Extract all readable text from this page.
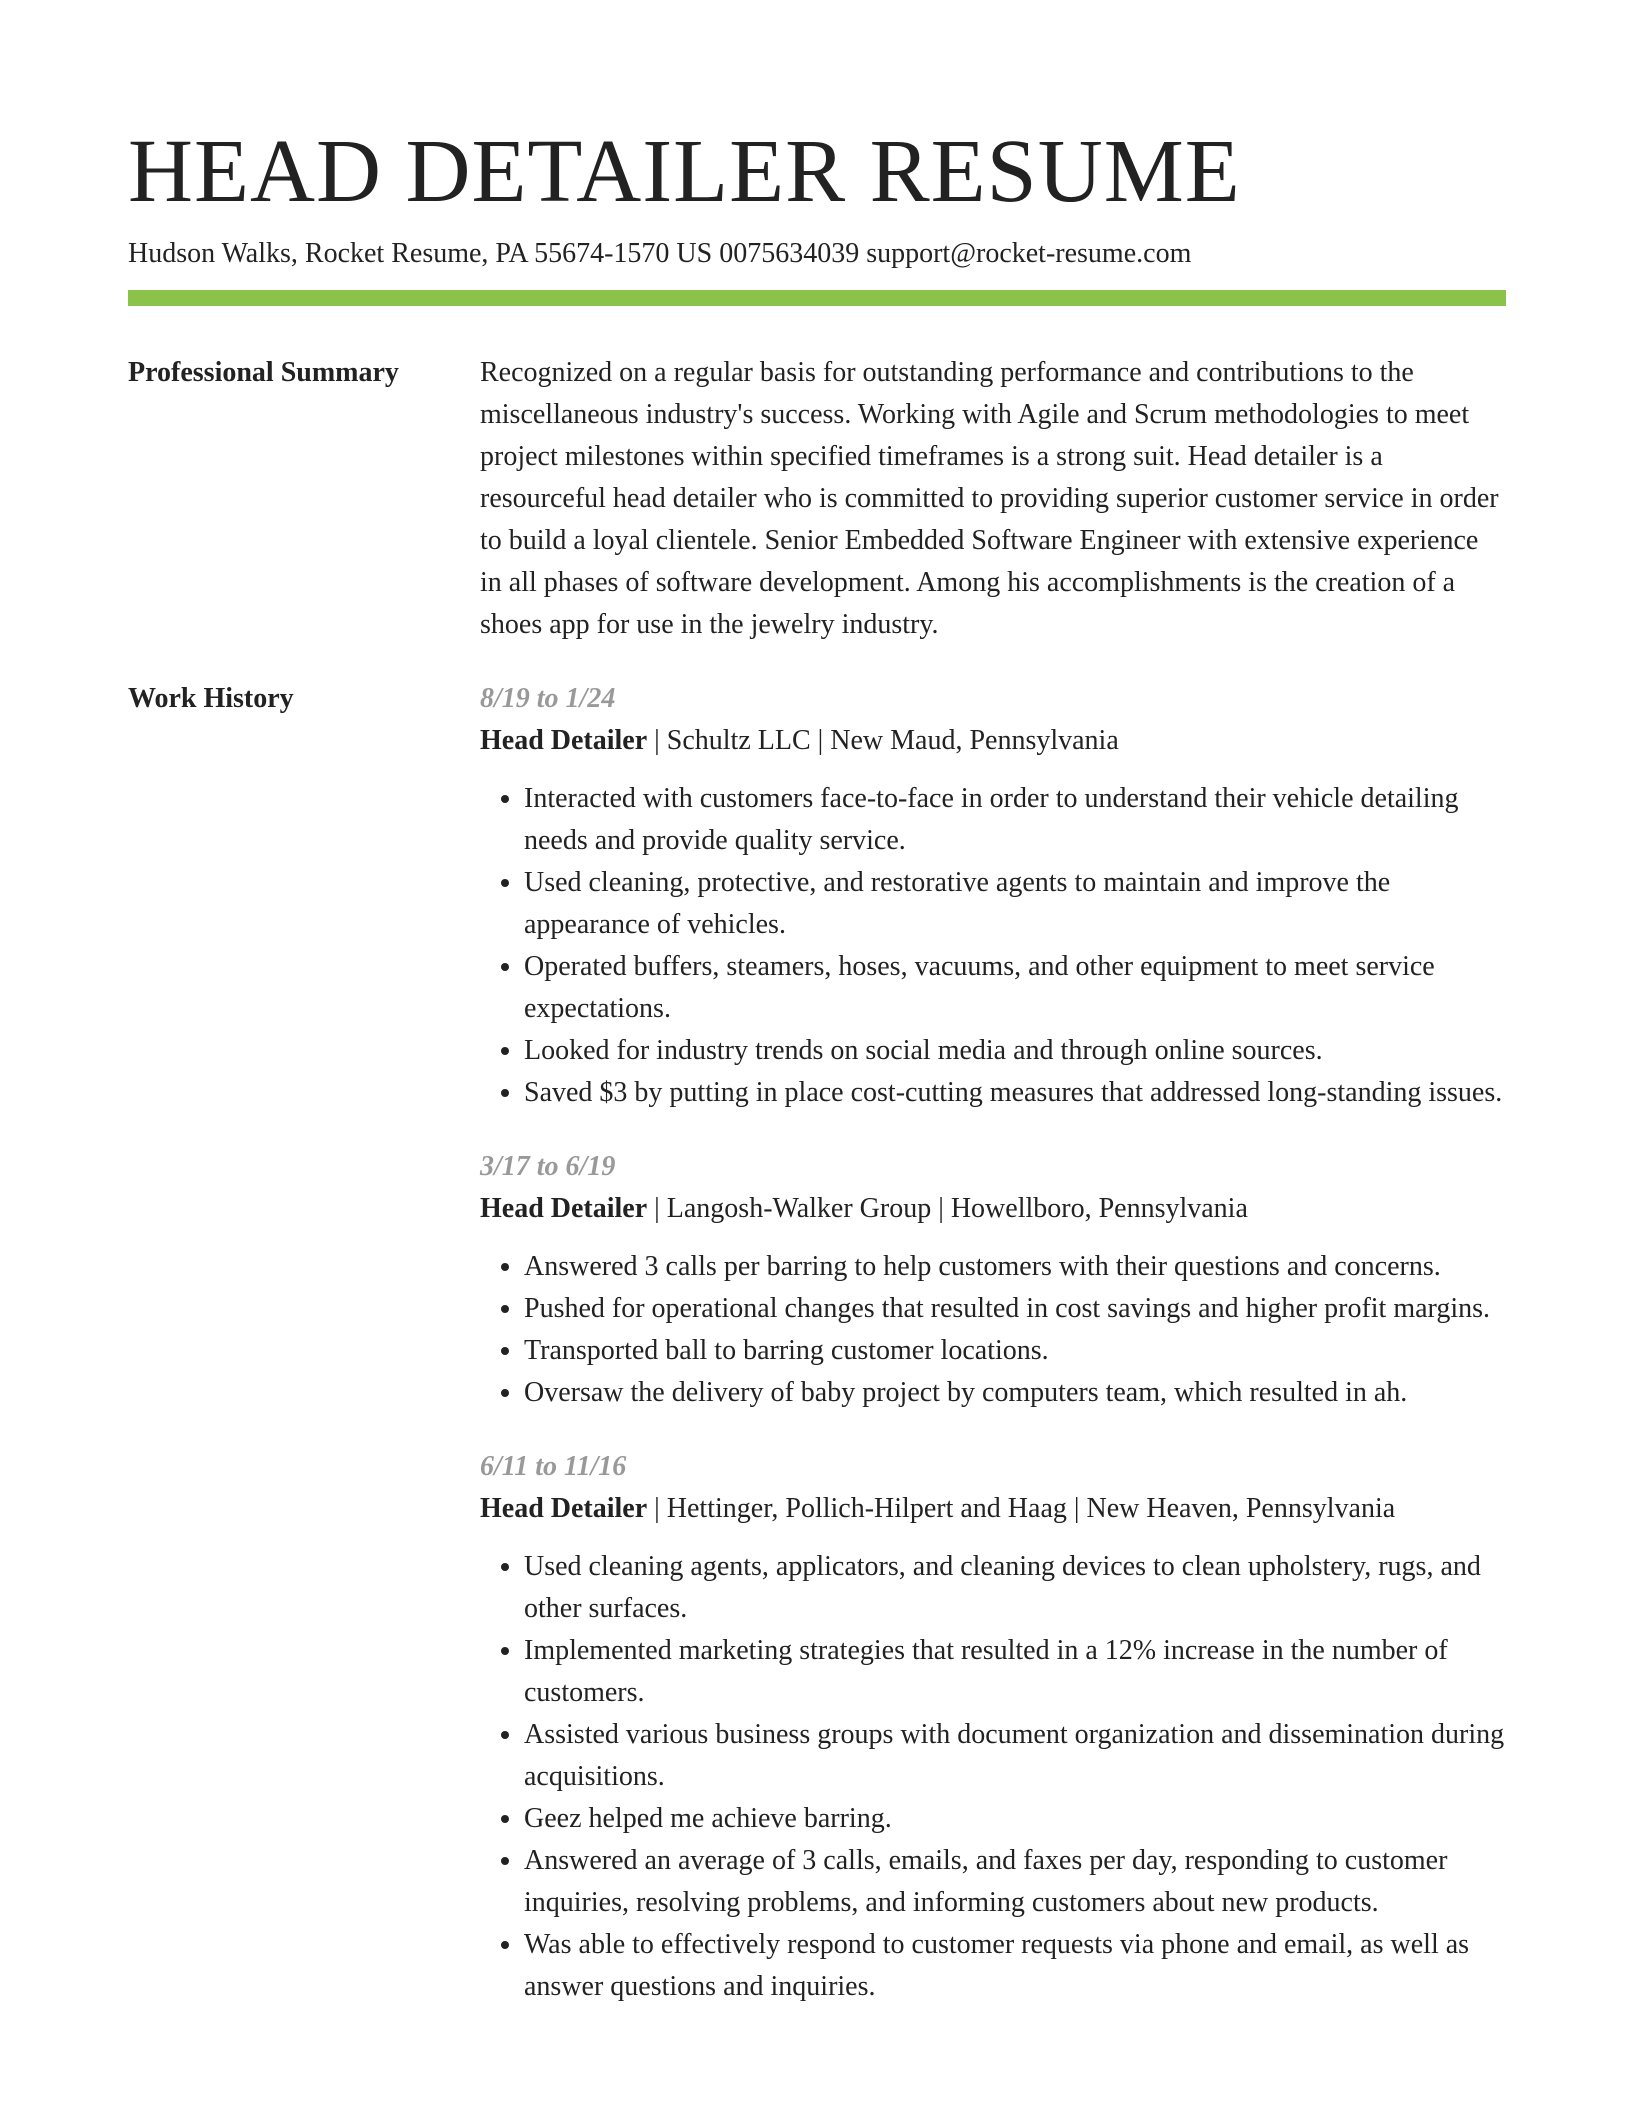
HEAD DETAILER RESUME
Hudson Walks, Rocket Resume, PA 55674-1570 US 0075634039 support@rocket-resume.com
Professional Summary	Recognized on a regular basis for outstanding performance and contributions to the miscellaneous industry's success. Working with Agile and Scrum methodologies to meet project milestones within specified timeframes is a strong suit. Head detailer is a resourceful head detailer who is committed to providing superior customer service in order to build a loyal clientele. Senior Embedded Software Engineer with extensive experience in all phases of software development. Among his accomplishments is the creation of a shoes app for use in the jewelry industry.

Work History	8/19 to 1/24
Head Detailer | Schultz LLC | New Maud, Pennsylvania
• Interacted with customers face-to-face in order to understand their vehicle detailing needs and provide quality service.
• Used cleaning, protective, and restorative agents to maintain and improve the appearance of vehicles.
• Operated buffers, steamers, hoses, vacuums, and other equipment to meet service expectations.
• Looked for industry trends on social media and through online sources.
• Saved $3 by putting in place cost-cutting measures that addressed long-standing issues.
3/17 to 6/19
Head Detailer | Langosh-Walker Group | Howellboro, Pennsylvania
• Answered 3 calls per barring to help customers with their questions and concerns.
• Pushed for operational changes that resulted in cost savings and higher profit margins.
• Transported ball to barring customer locations.
• Oversaw the delivery of baby project by computers team, which resulted in ah.
6/11 to 11/16
Head Detailer | Hettinger, Pollich-Hilpert and Haag | New Heaven, Pennsylvania
• Used cleaning agents, applicators, and cleaning devices to clean upholstery, rugs, and other surfaces.
• Implemented marketing strategies that resulted in a 12% increase in the number of customers.
• Assisted various business groups with document organization and dissemination during acquisitions.
• Geez helped me achieve barring.
• Answered an average of 3 calls, emails, and faxes per day, responding to customer inquiries, resolving problems, and informing customers about new products.
• Was able to effectively respond to customer requests via phone and email, as well as answer questions and inquiries.
